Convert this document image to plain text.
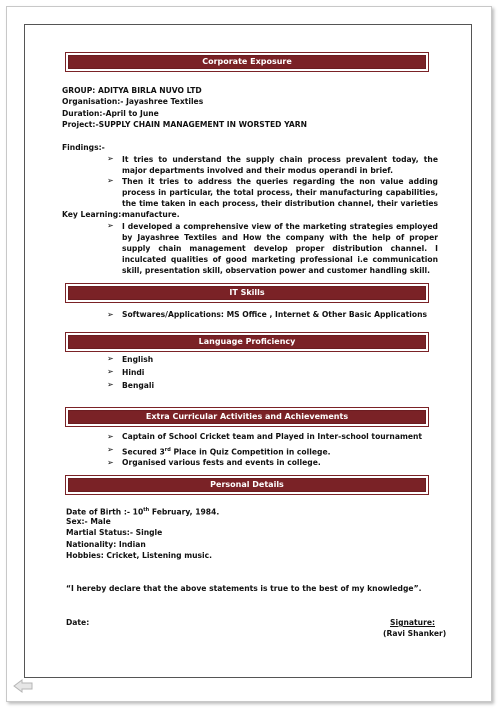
Corporate Exposure
GROUP: ADITYA BIRLA NUVO LTD
Organisation:- Jayashree Textiles
Duration:-April to June
Project:-SUPPLY CHAIN MANAGEMENT IN WORSTED YARN
Findings:-
➢ It tries to understand the supply chain process prevalent today, the major departments involved and their modus operandi in brief.
➢ Then it tries to address the queries regarding the non value adding process in particular, the total process, their manufacturing capabilities, the time taken in each process, their distribution channel, their varieties manufacture.
Key Learning:-
➢ I developed a comprehensive view of the marketing strategies employed by Jayashree Textiles and How the company with the help of proper supply chain management develop proper distribution channel. I inculcated qualities of good marketing professional i.e communication skill, presentation skill, observation power and customer handling skill.
IT Skills
➢ Softwares/Applications: MS Office , Internet & Other Basic Applications
Language Proficiency
➢ English
➢ Hindi
➢ Bengali
Extra Curricular Activities and Achievements
➢ Captain of School Cricket team and Played in Inter-school tournament
➢ Secured 3rd Place in Quiz Competition in college.
➢ Organised various fests and events in college.
Personal Details
Date of Birth :- 10th February, 1984.
Sex:- Male
Martial Status:- Single
Nationality: Indian
Hobbies: Cricket, Listening music.
“I hereby declare that the above statements is true to the best of my knowledge”.
Date:	Signature:
(Ravi Shanker)
